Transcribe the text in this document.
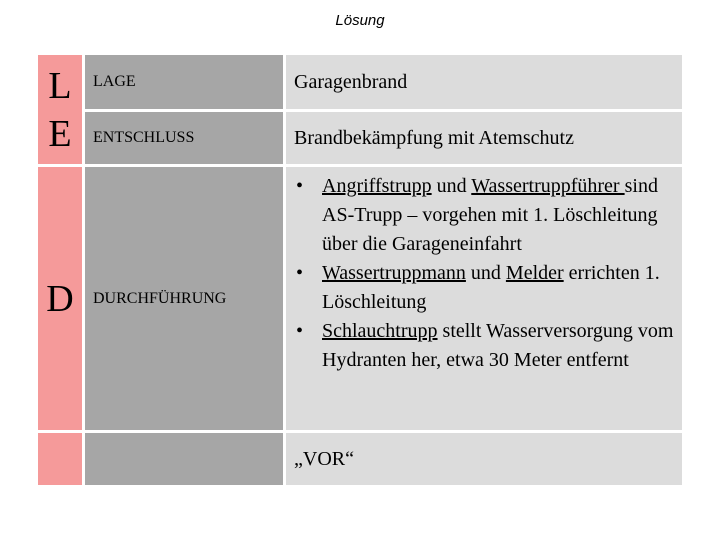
Lösung
L
E
D
LAGE
ENTSCHLUSS
DURCHFÜHRUNG
Garagenbrand
Brandbekämpfung mit Atemschutz
• Angriffstrupp und Wassertruppführer sind AS-Trupp – vorgehen mit 1. Löschleitung über die Garageneinfahrt
• Wassertruppmann und Melder errichten 1. Löschleitung
• Schlauchtrupp stellt Wasserversorgung vom Hydranten her, etwa 30 Meter entfernt
„VOR“
